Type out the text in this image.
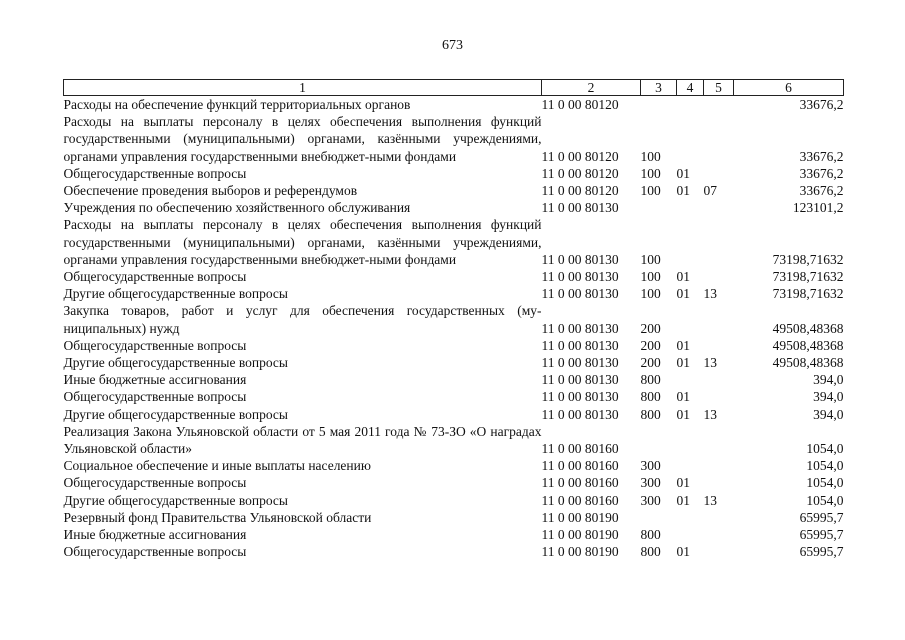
673
1	2	3	4	5	6
Расходы на обеспечение функций территориальных органов	11 0 00 80120				33676,2
Расходы на выплаты персоналу в целях обеспечения выполнения функций государственными (муниципальными) органами, казёнными учреждениями, органами управления государственными внебюджет-ными фондами	11 0 00 80120	100			33676,2
Общегосударственные вопросы	11 0 00 80120	100	01		33676,2
Обеспечение проведения выборов и референдумов	11 0 00 80120	100	01	07	33676,2
Учреждения по обеспечению хозяйственного обслуживания	11 0 00 80130				123101,2
Расходы на выплаты персоналу в целях обеспечения выполнения функций государственными (муниципальными) органами, казёнными учреждениями, органами управления государственными внебюджет-ными фондами	11 0 00 80130	100			73198,71632
Общегосударственные вопросы	11 0 00 80130	100	01		73198,71632
Другие общегосударственные вопросы	11 0 00 80130	100	01	13	73198,71632
Закупка товаров, работ и услуг для обеспечения государственных (му-ниципальных) нужд	11 0 00 80130	200			49508,48368
Общегосударственные вопросы	11 0 00 80130	200	01		49508,48368
Другие общегосударственные вопросы	11 0 00 80130	200	01	13	49508,48368
Иные бюджетные ассигнования	11 0 00 80130	800			394,0
Общегосударственные вопросы	11 0 00 80130	800	01		394,0
Другие общегосударственные вопросы	11 0 00 80130	800	01	13	394,0
Реализация Закона Ульяновской области от 5 мая 2011 года № 73-ЗО «О наградах Ульяновской области»	11 0 00 80160				1054,0
Социальное обеспечение и иные выплаты населению	11 0 00 80160	300			1054,0
Общегосударственные вопросы	11 0 00 80160	300	01		1054,0
Другие общегосударственные вопросы	11 0 00 80160	300	01	13	1054,0
Резервный фонд Правительства Ульяновской области	11 0 00 80190				65995,7
Иные бюджетные ассигнования	11 0 00 80190	800			65995,7
Общегосударственные вопросы	11 0 00 80190	800	01		65995,7
